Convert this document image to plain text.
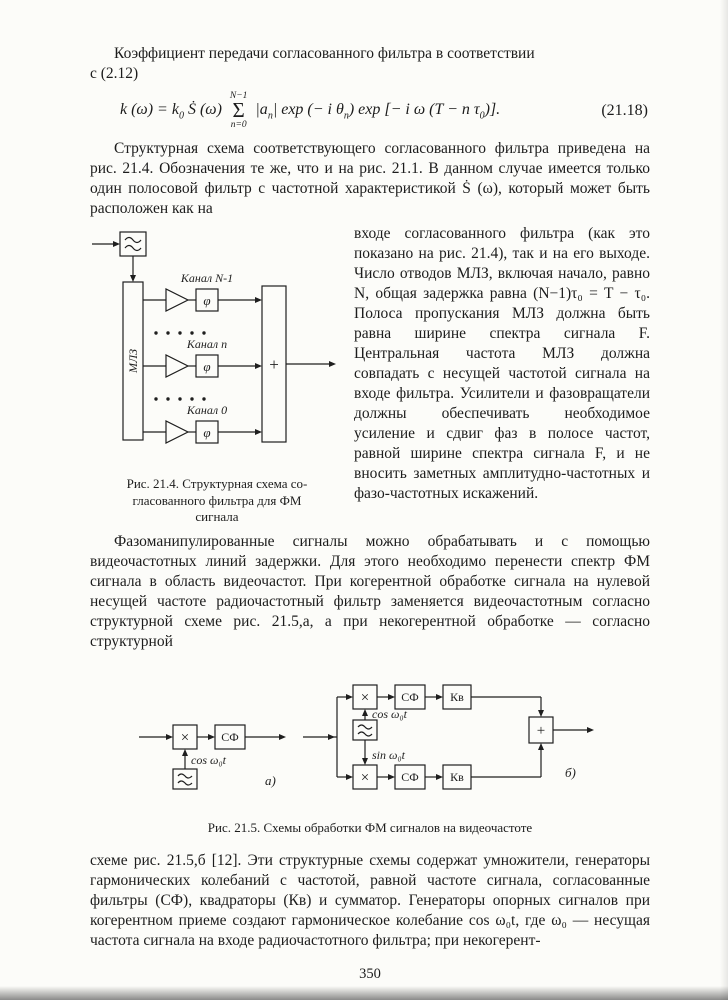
Коэффициент передачи согласованного фильтра в соответствии
с (2.12)

k $(\omega) = k_0$ Ṡ (ω)
N−1
Σ
n=0
$|a_n|$ exp (− i $\theta_n$) exp [− i ω (T − n $\tau_0$)].	(21.18)

Структурная схема соответствующего согласованного фильтра приведена на рис. 21.4. Обозначения те же, что и на рис. 21.1. В данном случае имеется только один полосовой фильтр с частотной характеристикой Ṡ (ω), который может быть расположен как на

МЛЗ
Канал N-1
Канал n
Канал 0
φ
φ
φ
+
Рис. 21.4. Структурная схема со-
гласованного фильтра для ФМ
сигнала
входе согласованного фильтра (как это показано на рис. 21.4), так и на его выходе. Число отводов МЛЗ, включая начало, равно N, общая задержка равна (N−1)τ₀ = T − τ₀. Полоса пропускания МЛЗ должна быть равна ширине спектра сигнала F. Центральная частота МЛЗ должна совпадать с несущей частотой сигнала на входе фильтра. Усилители и фазовращатели должны обеспечивать необходимое усиление и сдвиг фаз в полосе частот, равной ширине спектра сигнала F, и не вносить заметных амплитудно-частотных и фазо-частотных искажений.

Фазоманипулированные сигналы можно обрабатывать и с помощью видеочастотных линий задержки. Для этого необходимо перенести спектр ФМ сигнала в область видеочастот. При когерентной обработке сигнала на нулевой несущей частоте радиочастотный фильтр заменяется видеочастотным согласно структурной схеме рис. 21.5,а, а при некогерентной обработке — согласно структурной

×	СФ
cos ω₀t
а)
×	СФ	Кв
×	СФ	Кв
+
cos ω₀t
sin ω₀t
б)
Рис. 21.5. Схемы обработки ФМ сигналов на видеочастоте

схеме рис. 21.5,б [12]. Эти структурные схемы содержат умножители, генераторы гармонических колебаний с частотой, равной частоте сигнала, согласованные фильтры (СФ), квадраторы (Кв) и сумматор. Генераторы опорных сигналов при когерентном приеме создают гармоническое колебание cos ω₀t, где ω₀ — несущая частота сигнала на входе радиочастотного фильтра; при некогерент-

350
